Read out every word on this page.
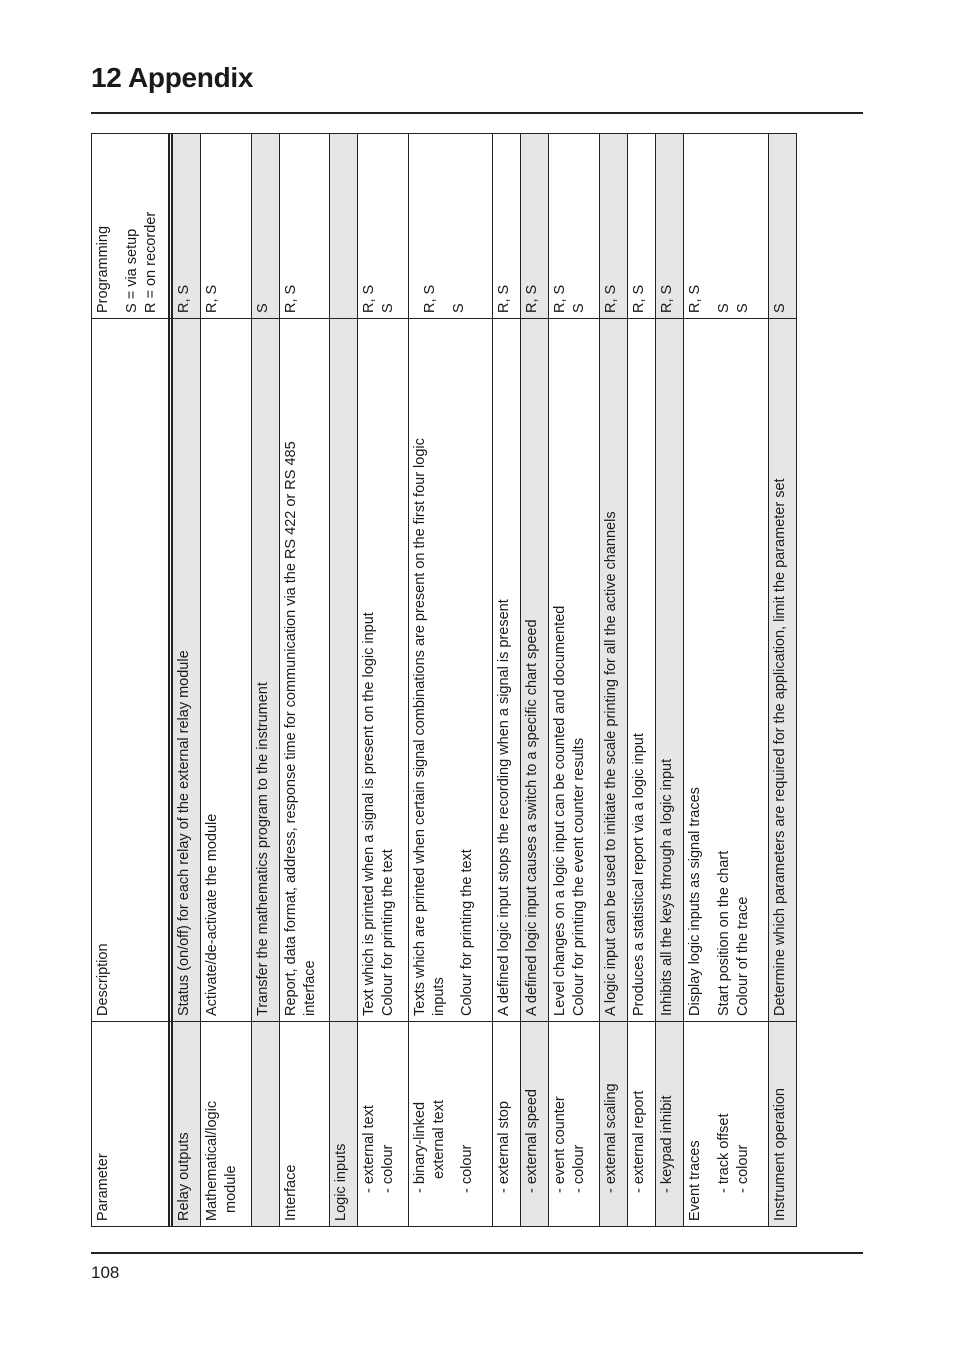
12 Appendix
Parameter	Description	Programming S = via setup R = on recorder

Relay outputs	Status (on/off) for each relay of the external relay module	R, S

Mathematical/logic module	Activate/de-activate the module	R, S

	Transfer the mathematics program to the instrument	S

Interface	Report, data format, address, response time for communication via the RS 422 or RS 485 interface	R, S

Logic inputs		

- external text - colour	Text which is printed when a signal is present on the logic input Colour for printing the text	R, S S

- binary-linked external text - colour	Texts which are printed when certain signal combinations are present on the first four logic inputs Colour for printing the text	R, S S

- external stop	A defined logic input stops the recording when a signal is present	R, S

- external speed	A defined logic input causes a switch to a specific chart speed	R, S

- event counter - colour	Level changes on a logic input can be counted and documented Colour for printing the event counter results	R, S S

- external scaling	A logic input can be used to initiate the scale printing for all the active channels	R, S

- external report	Produces a statistical report via a logic input	R, S

- keypad inhibit	Inhibits all the keys through a logic input	R, S

Event traces - track offset - colour	Display logic inputs as signal traces Start position on the chart Colour of the trace	R, S S S

Instrument operation	Determine which parameters are required for the application, limit the parameter set	S
108
